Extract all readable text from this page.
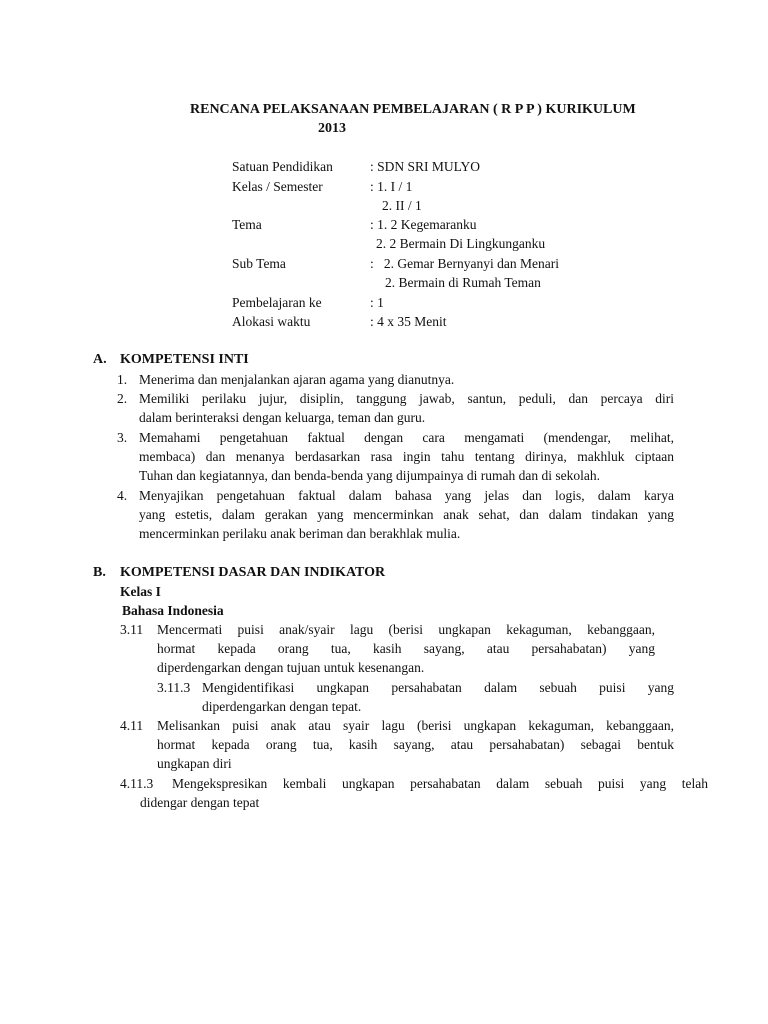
RENCANA PELAKSANAAN PEMBELAJARAN ( R P P ) KURIKULUM
2013
Satuan Pendidikan	: SDN SRI MULYO
Kelas / Semester	: 1. I / 1
2. II / 1
Tema	: 1. 2 Kegemaranku
2. 2 Bermain Di Lingkunganku
Sub Tema	:   2. Gemar Bernyanyi dan Menari
2. Bermain di Rumah Teman
Pembelajaran ke	: 1
Alokasi waktu	: 4 x 35 Menit
A. KOMPETENSI INTI
1. Menerima dan menjalankan ajaran agama yang dianutnya.
2. Memiliki perilaku jujur, disiplin, tanggung jawab, santun, peduli, dan percaya diri
dalam berinteraksi dengan keluarga, teman dan guru.
3. Memahami pengetahuan faktual dengan cara mengamati (mendengar, melihat,
membaca) dan menanya berdasarkan rasa ingin tahu tentang dirinya, makhluk ciptaan
Tuhan dan kegiatannya, dan benda-benda yang dijumpainya di rumah dan di sekolah.
4. Menyajikan pengetahuan faktual dalam bahasa yang jelas dan logis, dalam karya
yang estetis, dalam gerakan yang mencerminkan anak sehat, dan dalam tindakan yang
mencerminkan perilaku anak beriman dan berakhlak mulia.
B. KOMPETENSI DASAR DAN INDIKATOR
Kelas I
Bahasa Indonesia
3.11 Mencermati puisi anak/syair lagu (berisi ungkapan kekaguman, kebanggaan,
hormat kepada orang tua, kasih sayang, atau persahabatan) yang
diperdengarkan dengan tujuan untuk kesenangan.
3.11.3 Mengidentifikasi ungkapan persahabatan dalam sebuah puisi yang
diperdengarkan dengan tepat.
4.11 Melisankan puisi anak atau syair lagu (berisi ungkapan kekaguman, kebanggaan,
hormat kepada orang tua, kasih sayang, atau persahabatan) sebagai bentuk
ungkapan diri
4.11.3 Mengekspresikan kembali ungkapan persahabatan dalam sebuah puisi yang telah
didengar dengan tepat
